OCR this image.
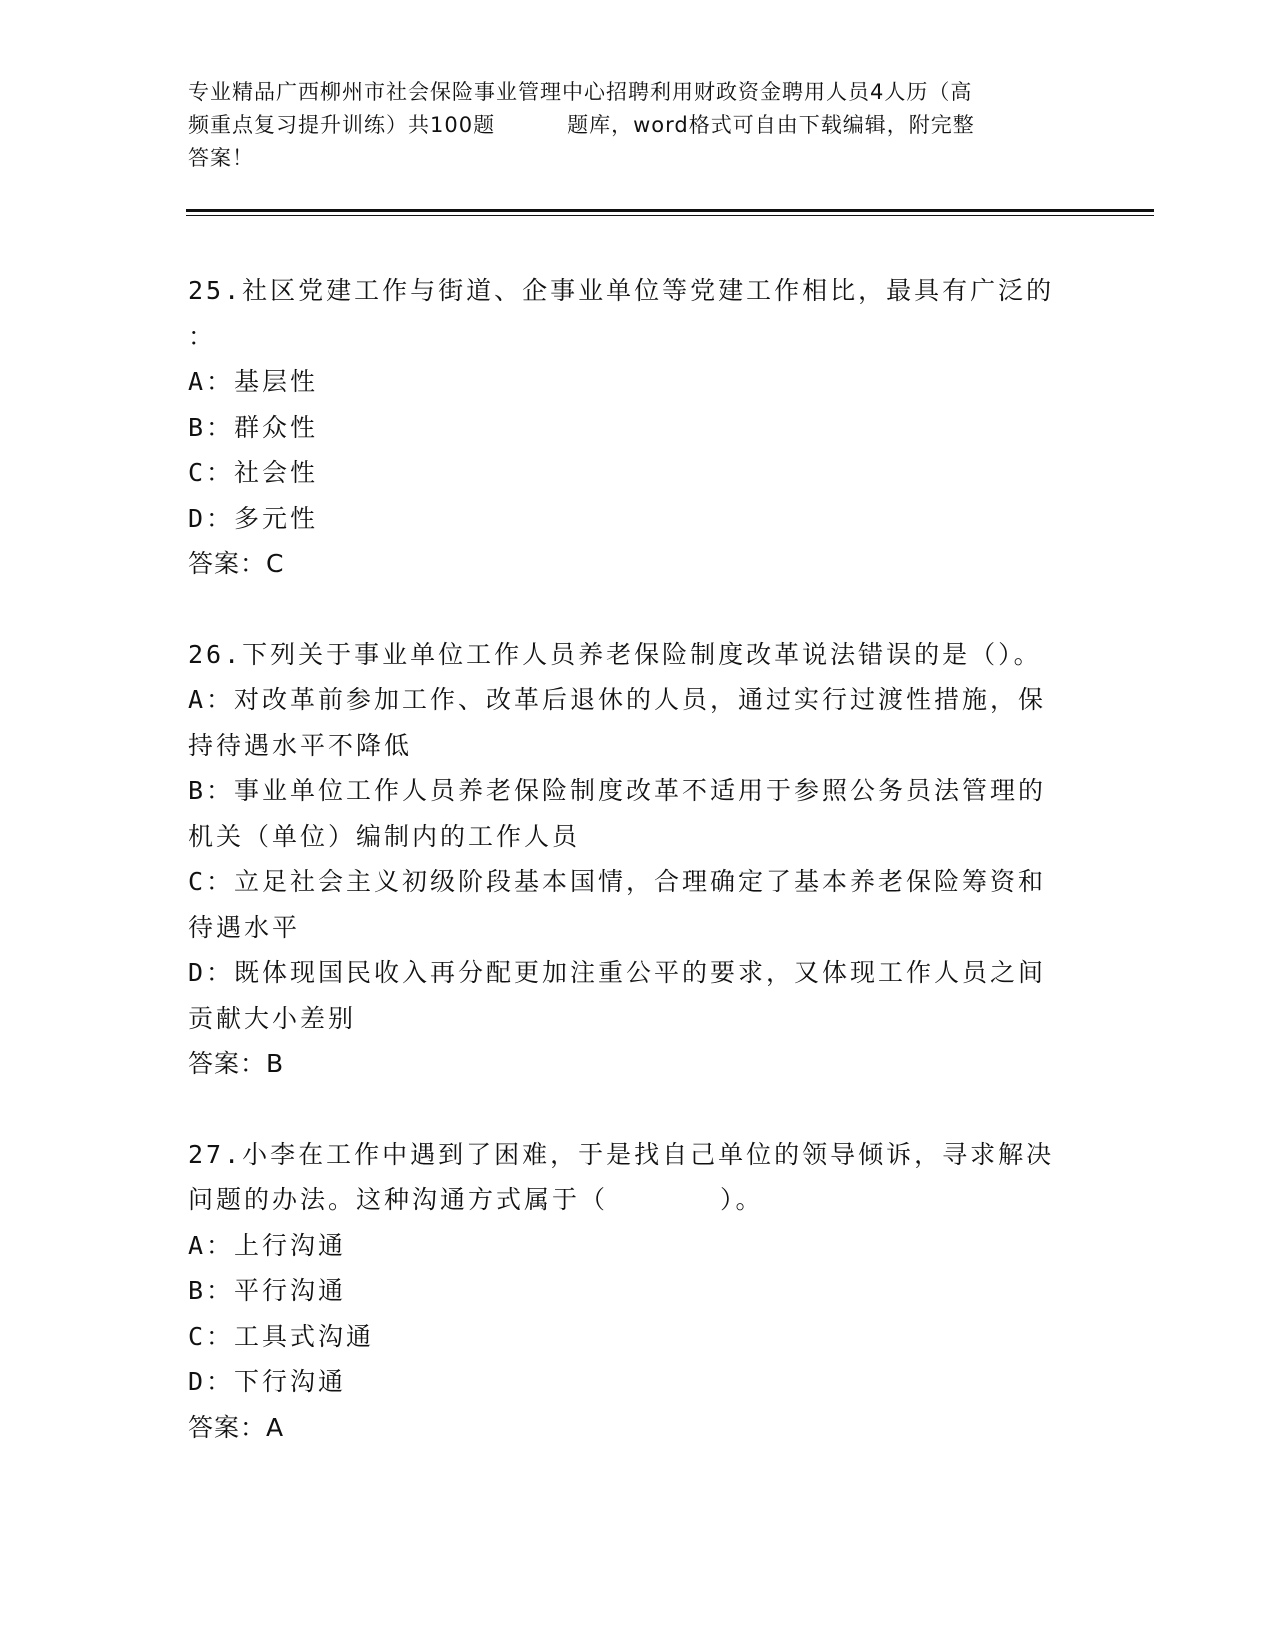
专业精品广西柳州市社会保险事业管理中心招聘利用财政资金聘用人员4人历（高
频重点复习提升训练）共100题	题库，word格式可自由下载编辑，附完整
答案！
25.社区党建工作与街道、企事业单位等党建工作相比，最具有广泛的
：
A：基层性
B：群众性
C：社会性
D：多元性
答案：C
26.下列关于事业单位工作人员养老保险制度改革说法错误的是（）。
A：对改革前参加工作、改革后退休的人员，通过实行过渡性措施，保
持待遇水平不降低
B：事业单位工作人员养老保险制度改革不适用于参照公务员法管理的
机关（单位）编制内的工作人员
C：立足社会主义初级阶段基本国情，合理确定了基本养老保险筹资和
待遇水平
D：既体现国民收入再分配更加注重公平的要求，又体现工作人员之间
贡献大小差别
答案：B
27.小李在工作中遇到了困难，于是找自己单位的领导倾诉，寻求解决
问题的办法。这种沟通方式属于（　　　　）。
A：上行沟通
B：平行沟通
C：工具式沟通
D：下行沟通
答案：A
